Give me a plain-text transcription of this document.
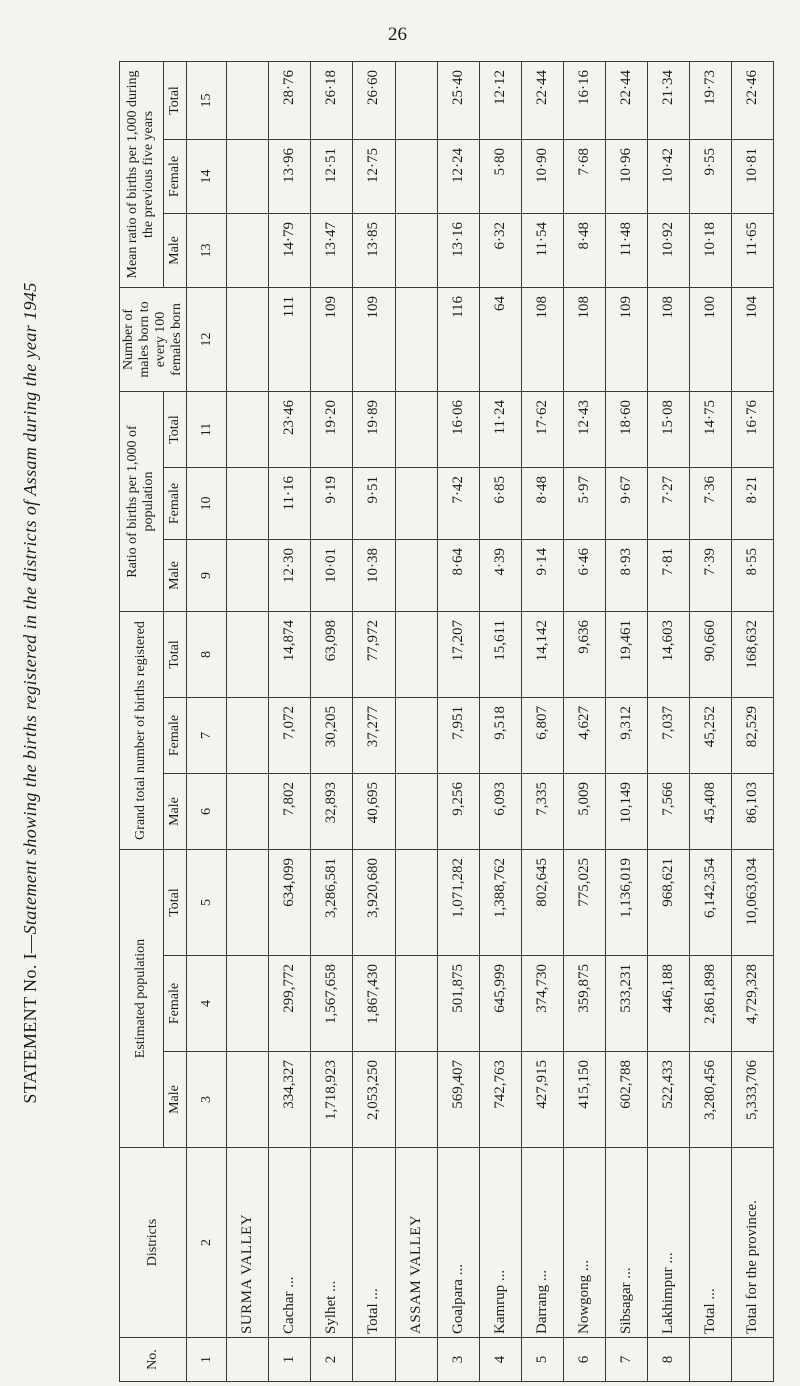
26
STATEMENT No. I—Statement showing the births registered in the districts of Assam during the year 1945
No.	Districts	Estimated population			Grand total number of births registered			Ratio of births per 1,000 of population			Number of males born to every 100 females born	Mean ratio of births per 1,000 during the previous five years			
		Male	Female	Total	Male	Female	Total	Male	Female	Total		Male	Female	Total	
1	2	3	4	5	6	7	8	9	10	11	12	13	14	15	
	SURMA VALLEY														
1	Cachar ...	334,327	299,772	634,099	7,802	7,072	14,874	12·30	11·16	23·46	111	14·79	13·96	28·76	
2	Sylhet ...	1,718,923	1,567,658	3,286,581	32,893	30,205	63,098	10·01	9·19	19·20	109	13·47	12·51	26·18	
	Total ...	2,053,250	1,867,430	3,920,680	40,695	37,277	77,972	10·38	9·51	19·89	109	13·85	12·75	26·60	
	ASSAM VALLEY														
3	Goalpara ...	569,407	501,875	1,071,282	9,256	7,951	17,207	8·64	7·42	16·06	116	13·16	12·24	25·40	
4	Kamrup ...	742,763	645,999	1,388,762	6,093	9,518	15,611	4·39	6·85	11·24	64	6·32	5·80	12·12	
5	Darrang ...	427,915	374,730	802,645	7,335	6,807	14,142	9·14	8·48	17·62	108	11·54	10·90	22·44	
6	Nowgong ...	415,150	359,875	775,025	5,009	4,627	9,636	6·46	5·97	12·43	108	8·48	7·68	16·16	
7	Sibsagar ...	602,788	533,231	1,136,019	10,149	9,312	19,461	8·93	9·67	18·60	109	11·48	10·96	22·44	
8	Lakhimpur ...	522,433	446,188	968,621	7,566	7,037	14,603	7·81	7·27	15·08	108	10·92	10·42	21·34	
	Total ...	3,280,456	2,861,898	6,142,354	45,408	45,252	90,660	7·39	7·36	14·75	100	10·18	9·55	19·73	
	Total for the province.	5,333,706	4,729,328	10,063,034	86,103	82,529	168,632	8·55	8·21	16·76	104	11·65	10·81	22·46	
